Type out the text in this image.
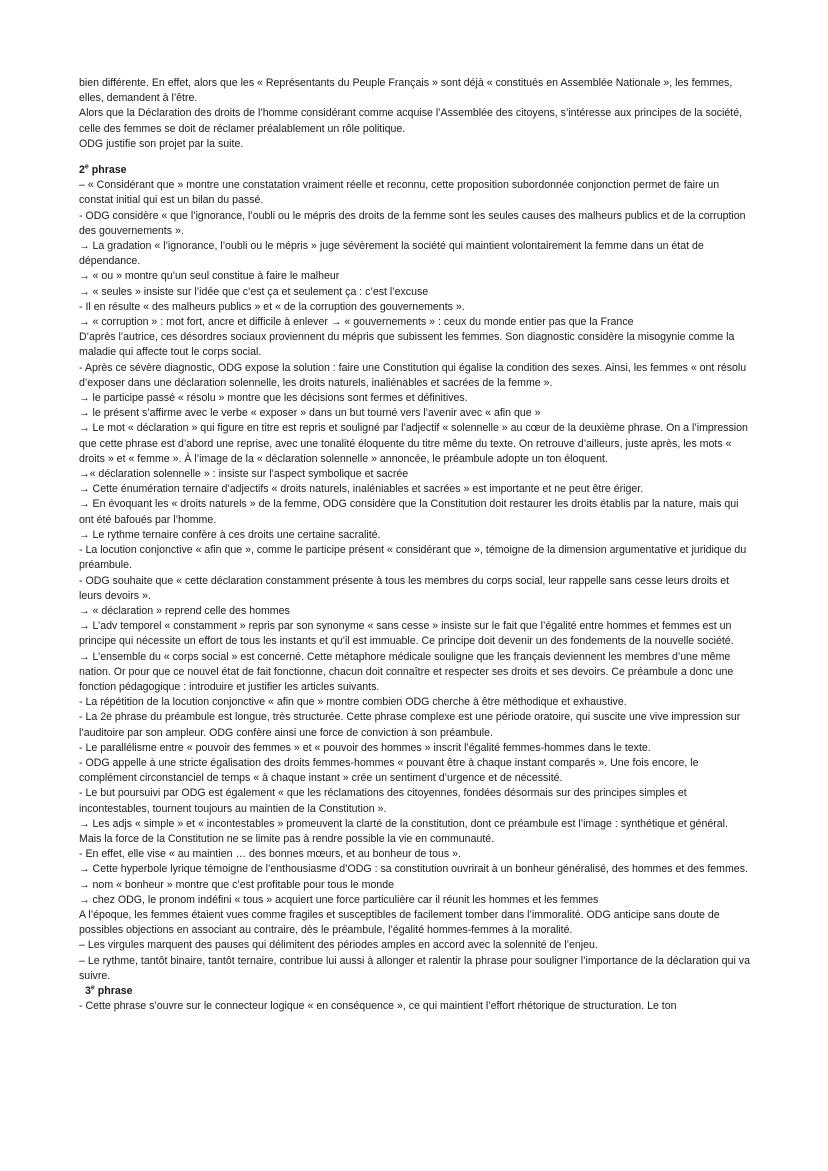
bien différente. En effet, alors que les « Représentants du Peuple Français » sont déjà « constitués en Assemblée Nationale », les femmes, elles, demandent à l’être.

Alors que la Déclaration des droits de l’homme considérant comme acquise l’Assemblée des citoyens, s’intéresse aux principes de la société, celle des femmes se doit de réclamer préalablement un rôle politique.

ODG justifie son projet par la suite.

2e phrase

– « Considérant que » montre une constatation vraiment réelle et reconnu, cette proposition subordonnée conjonction permet de faire un constat initial qui est un bilan du passé.

- ODG considère « que l’ignorance, l’oubli ou le mépris des droits de la femme sont les seules causes des malheurs publics et de la corruption des gouvernements ».

→ La gradation « l’ignorance, l’oubli ou le mépris » juge sévèrement la société qui maintient volontairement la femme dans un état de dépendance.

→ « ou » montre qu’un seul constitue à faire le malheur

→ « seules » insiste sur l’idée que c’est ça et seulement ça : c’est l’excuse

- Il en résulte « des malheurs publics » et « de la corruption des gouvernements ».

→ « corruption » : mot fort, ancre et difficile à enlever → « gouvernements » : ceux du monde entier pas que la France

D’après l’autrice, ces désordres sociaux proviennent du mépris que subissent les femmes. Son diagnostic considère la misogynie comme la maladie qui affecte tout le corps social.

- Après ce sévère diagnostic, ODG expose la solution : faire une Constitution qui égalise la condition des sexes. Ainsi, les femmes « ont résolu d’exposer dans une déclaration solennelle, les droits naturels, inaliénables et sacrées de la femme ».

→ le participe passé « résolu » montre que les décisions sont fermes et définitives.

→ le présent s’affirme avec le verbe « exposer » dans un but tourné vers l’avenir avec « afin que »

→ Le mot « déclaration » qui figure en titre est repris et souligné par l’adjectif « solennelle » au cœur de la deuxième phrase. On a l’impression que cette phrase est d’abord une reprise, avec une tonalité éloquente du titre même du texte. On retrouve d’ailleurs, juste après, les mots « droits » et « femme ». À l’image de la « déclaration solennelle » annoncée, le préambule adopte un ton éloquent.

→« déclaration solennelle » : insiste sur l’aspect symbolique et sacrée

→ Cette énumération ternaire d’adjectifs « droits naturels, inaléniables et sacrées » est importante et ne peut être ériger.

→ En évoquant les « droits naturels » de la femme, ODG considère que la Constitution doit restaurer les droits établis par la nature, mais qui ont été bafoués par l’homme.

→ Le rythme ternaire confère à ces droits une certaine sacralité.

- La locution conjonctive « afin que », comme le participe présent « considérant que », témoigne de la dimension argumentative et juridique du préambule.

- ODG souhaite que « cette déclaration constamment présente à tous les membres du corps social, leur rappelle sans cesse leurs droits et leurs devoirs ».

→ « déclaration » reprend celle des hommes

→ L’adv temporel « constamment » repris par son synonyme « sans cesse » insiste sur le fait que l’égalité entre hommes et femmes est un principe qui nécessite un effort de tous les instants et qu’il est immuable. Ce principe doit devenir un des fondements de la nouvelle société.

→ L’ensemble du « corps social » est concerné. Cette métaphore médicale souligne que les français deviennent les membres d’une même nation. Or pour que ce nouvel état de fait fonctionne, chacun doit connaître et respecter ses droits et ses devoirs. Ce préambule a donc une fonction pédagogique : introduire et justifier les articles suivants.

- La répétition de la locution conjonctive « afin que » montre combien ODG cherche à être méthodique et exhaustive.

- La 2e phrase du préambule est longue, très structurée. Cette phrase complexe est une période oratoire, qui suscite une vive impression sur l’auditoire par son ampleur. ODG confère ainsi une force de conviction à son préambule.

- Le parallélisme entre « pouvoir des femmes » et « pouvoir des hommes » inscrit l’égalité femmes-hommes dans le texte.

- ODG appelle à une stricte égalisation des droits femmes-hommes « pouvant être à chaque instant comparés ». Une fois encore, le complément circonstanciel de temps « à chaque instant » crée un sentiment d’urgence et de nécessité.

- Le but poursuivi par ODG est également « que les réclamations des citoyennes, fondées désormais sur des principes simples et incontestables, tournent toujours au maintien de la Constitution ».

→ Les adjs « simple » et « incontestables » promeuvent la clarté de la constitution, dont ce préambule est l’image : synthétique et général.

Mais la force de la Constitution ne se limite pas à rendre possible la vie en communauté.

- En effet, elle vise « au maintien … des bonnes mœurs, et au bonheur de tous ».

→ Cette hyperbole lyrique témoigne de l’enthousiasme d’ODG : sa constitution ouvrirait à un bonheur généralisé, des hommes et des femmes.

→ nom « bonheur » montre que c’est profitable pour tous le monde

→ chez ODG, le pronom indéfini « tous » acquiert une force particulière car il réunit les hommes et les femmes

A l’époque, les femmes étaient vues comme fragiles et susceptibles de facilement tomber dans l’immoralité. ODG anticipe sans doute de possibles objections en associant au contraire, dès le préambule, l’égalité hommes-femmes à la moralité.

– Les virgules marquent des pauses qui délimitent des périodes amples en accord avec la solennité de l’enjeu.

– Le rythme, tantôt binaire, tantôt ternaire, contribue lui aussi à allonger et ralentir la phrase pour souligner l’importance de la déclaration qui va suivre.

3e phrase

- Cette phrase s’ouvre sur le connecteur logique « en conséquence », ce qui maintient l’effort rhétorique de structuration. Le ton
